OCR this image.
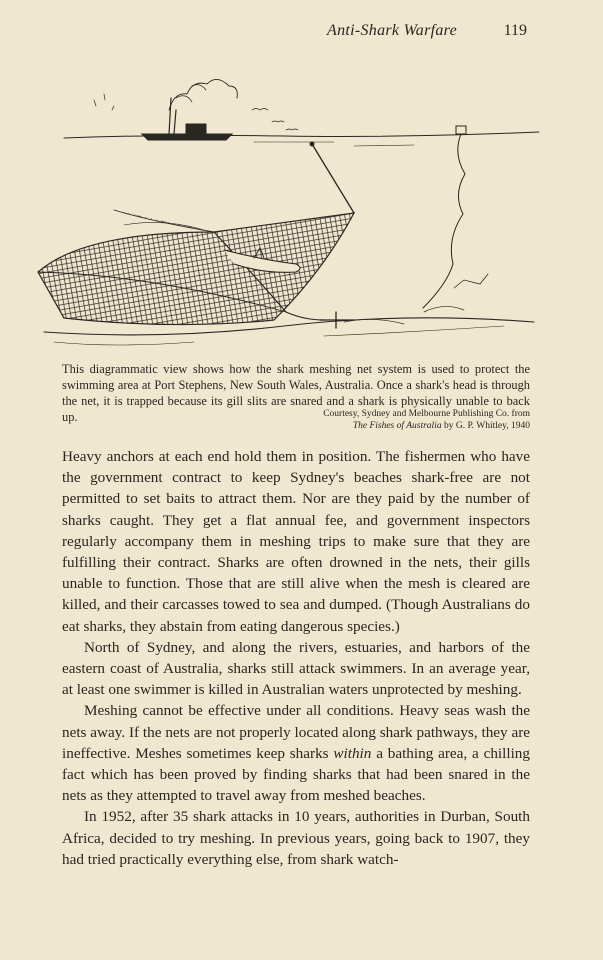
Anti-Shark Warfare	119

This diagrammatic view shows how the shark meshing net system is used to protect the swimming area at Port Stephens, New South Wales, Australia. Once a shark's head is through the net, it is trapped because its gill slits are snared and a shark is physically unable to back up.	Courtesy, Sydney and Melbourne Publishing Co. from
The Fishes of Australia by G. P. Whitley, 1940

Heavy anchors at each end hold them in position. The fishermen who have the government contract to keep Sydney's beaches shark-free are not permitted to set baits to attract them. Nor are they paid by the number of sharks caught. They get a flat annual fee, and government inspectors regularly accompany them in meshing trips to make sure that they are fulfilling their contract. Sharks are often drowned in the nets, their gills unable to function. Those that are still alive when the mesh is cleared are killed, and their carcasses towed to sea and dumped. (Though Australians do eat sharks, they abstain from eating dangerous species.)

North of Sydney, and along the rivers, estuaries, and harbors of the eastern coast of Australia, sharks still attack swimmers. In an average year, at least one swimmer is killed in Australian waters unprotected by meshing.

Meshing cannot be effective under all conditions. Heavy seas wash the nets away. If the nets are not properly located along shark pathways, they are ineffective. Meshes sometimes keep sharks within a bathing area, a chilling fact which has been proved by finding sharks that had been snared in the nets as they attempted to travel away from meshed beaches.

In 1952, after 35 shark attacks in 10 years, authorities in Durban, South Africa, decided to try meshing. In previous years, going back to 1907, they had tried practically everything else, from shark watch-
